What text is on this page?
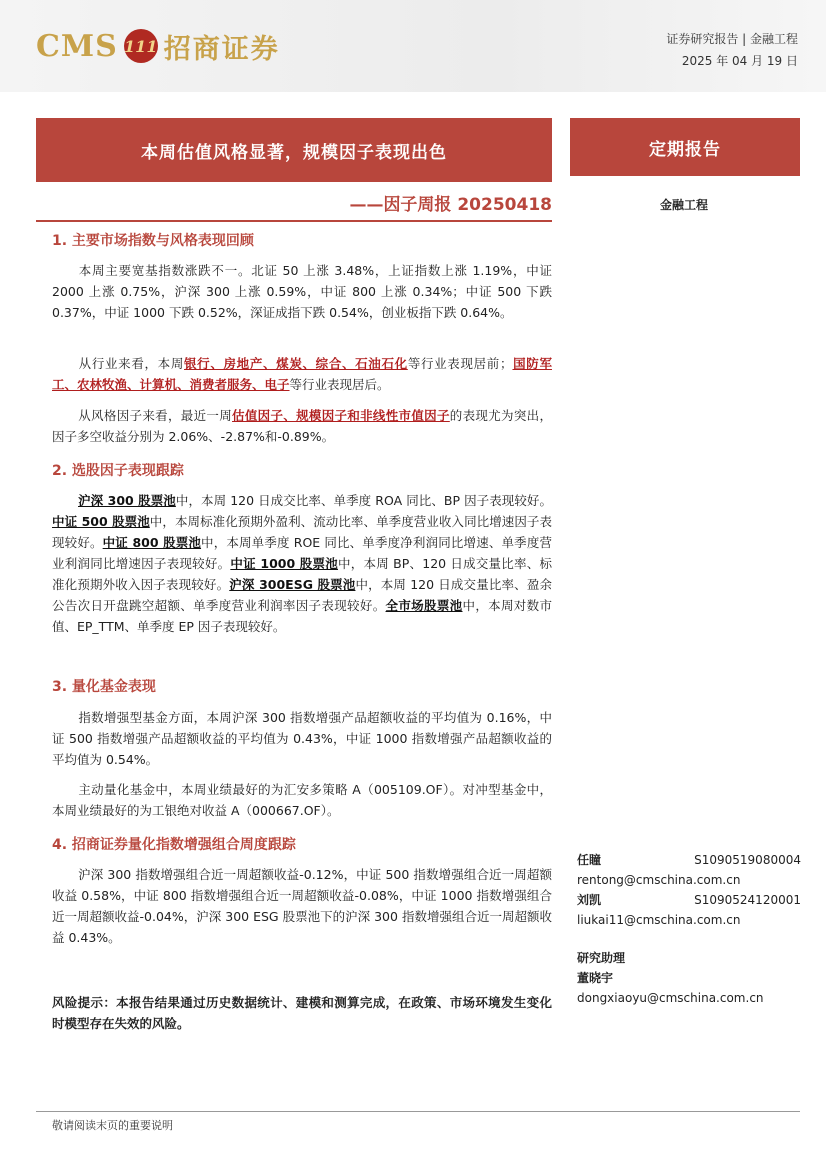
CMS 111 招商证券	证券研究报告 | 金融工程
2025 年 04 月 19 日
本周估值风格显著，规模因子表现出色
——因子周报 20250418
定期报告
金融工程
1. 主要市场指数与风格表现回顾
本周主要宽基指数涨跌不一。北证 50 上涨 3.48%，上证指数上涨 1.19%，中证 2000 上涨 0.75%，沪深 300 上涨 0.59%，中证 800 上涨 0.34%；中证 500 下跌 0.37%，中证 1000 下跌 0.52%，深证成指下跌 0.54%，创业板指下跌 0.64%。
从行业来看，本周银行、房地产、煤炭、综合、石油石化等行业表现居前；国防军工、农林牧渔、计算机、消费者服务、电子等行业表现居后。
从风格因子来看，最近一周估值因子、规模因子和非线性市值因子的表现尤为突出，因子多空收益分别为 2.06%、-2.87%和-0.89%。
2. 选股因子表现跟踪
沪深 300 股票池中，本周 120 日成交比率、单季度 ROA 同比、BP 因子表现较好。中证 500 股票池中，本周标准化预期外盈利、流动比率、单季度营业收入同比增速因子表现较好。中证 800 股票池中，本周单季度 ROE 同比、单季度净利润同比增速、单季度营业利润同比增速因子表现较好。中证 1000 股票池中，本周 BP、120 日成交量比率、标准化预期外收入因子表现较好。沪深 300ESG 股票池中，本周 120 日成交量比率、盈余公告次日开盘跳空超额、单季度营业利润率因子表现较好。全市场股票池中，本周对数市值、EP_TTM、单季度 EP 因子表现较好。
3. 量化基金表现
指数增强型基金方面，本周沪深 300 指数增强产品超额收益的平均值为 0.16%，中证 500 指数增强产品超额收益的平均值为 0.43%，中证 1000 指数增强产品超额收益的平均值为 0.54%。
主动量化基金中，本周业绩最好的为汇安多策略 A（005109.OF）。对冲型基金中，本周业绩最好的为工银绝对收益 A（000667.OF）。
4. 招商证券量化指数增强组合周度跟踪
沪深 300 指数增强组合近一周超额收益-0.12%，中证 500 指数增强组合近一周超额收益 0.58%，中证 800 指数增强组合近一周超额收益-0.08%，中证 1000 指数增强组合近一周超额收益-0.04%，沪深 300 ESG 股票池下的沪深 300 指数增强组合近一周超额收益 0.43%。
风险提示：本报告结果通过历史数据统计、建模和测算完成，在政策、市场环境发生变化时模型存在失效的风险。
任瞳	S1090519080004
rentong@cmschina.com.cn
刘凯	S1090524120001
liukai11@cmschina.com.cn
研究助理
董晓宇
dongxiaoyu@cmschina.com.cn
敬请阅读末页的重要说明
